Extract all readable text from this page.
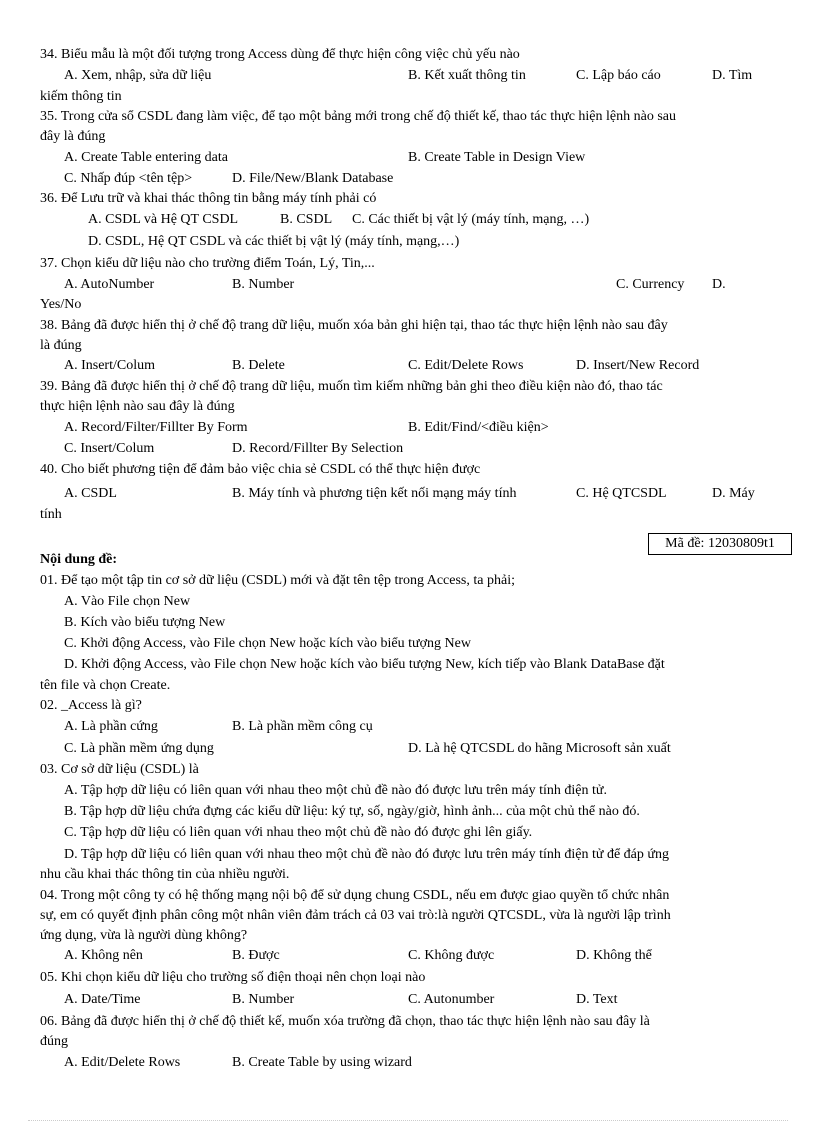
34. Biểu mẫu là một đối tượng trong Access dùng để thực hiện công việc chủ yếu nào
A. Xem, nhập, sửa dữ liệu	B. Kết xuất thông tin	C. Lập báo cáo	D. Tìm
kiếm thông tin
35. Trong cửa sổ CSDL đang làm việc, để tạo một bảng mới trong chế độ thiết kế, thao tác thực hiện lệnh nào sau
đây là đúng
A. Create Table entering data	B. Create Table in Design View
C. Nhấp đúp <tên tệp>	D. File/New/Blank Database
36. Để Lưu trữ và khai thác thông tin bằng máy tính phải có
A. CSDL và Hệ QT CSDL	B. CSDL C. Các thiết bị vật lý (máy tính, mạng, …)
D. CSDL, Hệ QT CSDL và các thiết bị vật lý (máy tính, mạng,…)
37. Chọn kiểu dữ liệu nào cho trường điểm Toán, Lý, Tin,...
A. AutoNumber	B. Number	C. Currency D.
Yes/No
38. Bảng đã được hiển thị ở chế độ trang dữ liệu, muốn xóa bản ghi hiện tại, thao tác thực hiện lệnh nào sau đây
là đúng
A. Insert/Colum	B. Delete	C. Edit/Delete Rows	D. Insert/New Record
39. Bảng đã được hiển thị ở chế độ trang dữ liệu, muốn tìm kiếm những bản ghi theo điều kiện nào đó, thao tác
thực hiện lệnh nào sau đây là đúng
A. Record/Filter/Fillter By Form	B. Edit/Find/<điều kiện>
C. Insert/Colum	D. Record/Fillter By Selection
40. Cho biết phương tiện để đảm bảo việc chia sẻ CSDL có thể thực hiện được
A. CSDL	B. Máy tính và phương tiện kết nối mạng máy tính	C. Hệ QTCSDL	D. Máy
tính
Mã đề: 12030809t1
Nội dung đề:
01. Để tạo một tập tin cơ sở dữ liệu (CSDL) mới và đặt tên tệp trong Access, ta phải;
A. Vào File chọn New
B. Kích vào biểu tượng New
C. Khởi động Access, vào File chọn New hoặc kích vào biểu tượng New
D. Khởi động Access, vào File chọn New hoặc kích vào biểu tượng New, kích tiếp vào Blank DataBase đặt
tên file và chọn Create.
02. _Access là gì?
A. Là phần cứng	B. Là phần mềm công cụ
C. Là phần mềm ứng dụng	D. Là hệ QTCSDL do hãng Microsoft sản xuất
03. Cơ sở dữ liệu (CSDL) là
A. Tập hợp dữ liệu có liên quan với nhau theo một chủ đề nào đó được lưu trên máy tính điện tử.
B. Tập hợp dữ liệu chứa đựng các kiểu dữ liệu: ký tự, số, ngày/giờ, hình ảnh... của một chủ thể nào đó.
C. Tập hợp dữ liệu có liên quan với nhau theo một chủ đề nào đó được ghi lên giấy.
D. Tập hợp dữ liệu có liên quan với nhau theo một chủ đề nào đó được lưu trên máy tính điện tử để đáp ứng
nhu cầu khai thác thông tin của nhiều người.
04. Trong một công ty có hệ thống mạng nội bộ để sử dụng chung CSDL, nếu em được giao quyền tổ chức nhân
sự, em có quyết định phân công một nhân viên đảm trách cả 03 vai trò:là người QTCSDL, vừa là người lập trình
ứng dụng, vừa là người dùng không?
A. Không nên	B. Được	C. Không được	D. Không thể
05. Khi chọn kiểu dữ liệu cho trường số điện thoại nên chọn loại nào
A. Date/Time	B. Number	C. Autonumber	D. Text
06. Bảng đã được hiển thị ở chế độ thiết kế, muốn xóa trường đã chọn, thao tác thực hiện lệnh nào sau đây là
đúng
A. Edit/Delete Rows	B. Create Table by using wizard
